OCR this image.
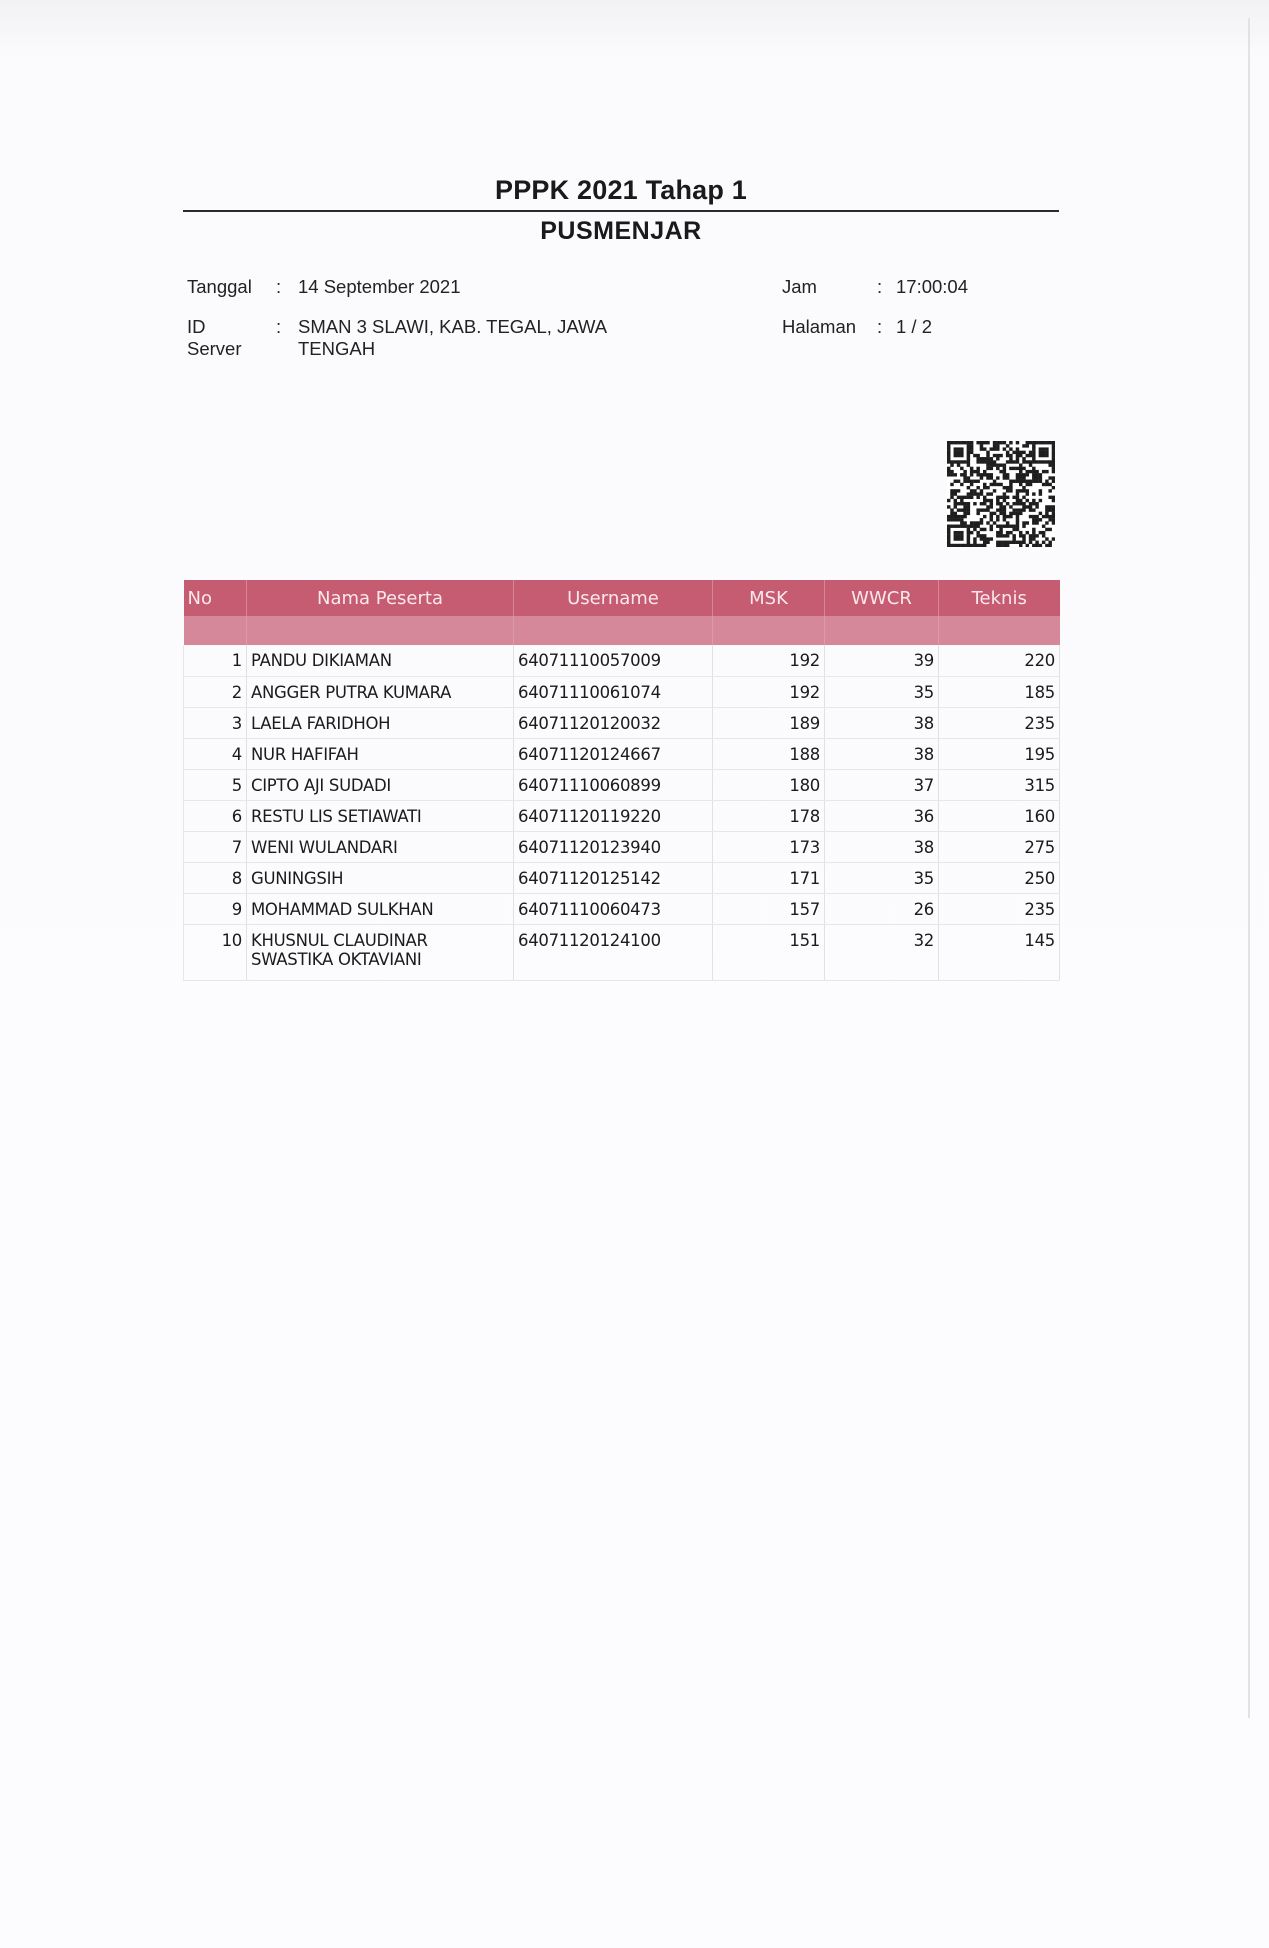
PPPK 2021 Tahap 1
PUSMENJAR
Tanggal : 14 September 2021
ID
Server
: SMAN 3 SLAWI, KAB. TEGAL, JAWA
TENGAH
Jam	: 17:00:04
Halaman : 1 / 2
No	Nama Peserta	Username	MSK	WWCR	Teknis

1	PANDU DIKIAMAN	64071110057009	192	39	220
2	ANGGER PUTRA KUMARA	64071110061074	192	35	185
3	LAELA FARIDHOH	64071120120032	189	38	235
4	NUR HAFIFAH	64071120124667	188	38	195
5	CIPTO AJI SUDADI	64071110060899	180	37	315
6	RESTU LIS SETIAWATI	64071120119220	178	36	160
7	WENI WULANDARI	64071120123940	173	38	275
8	GUNINGSIH	64071120125142	171	35	250
9	MOHAMMAD SULKHAN	64071110060473	157	26	235
10	KHUSNUL CLAUDINAR SWASTIKA OKTAVIANI	64071120124100	151	32	145
